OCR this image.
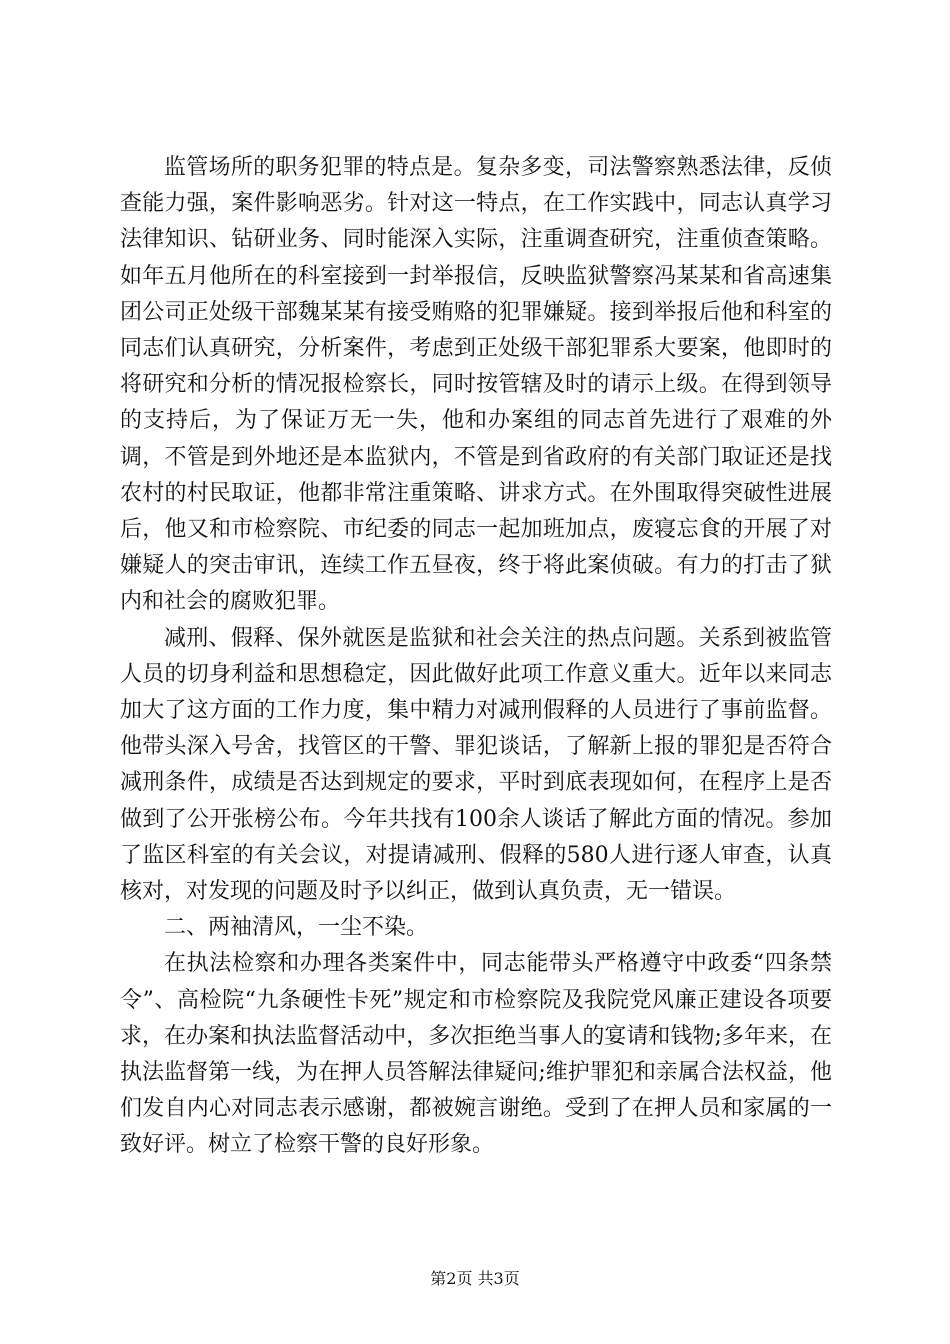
监管场所的职务犯罪的特点是。复杂多变，司法警察熟悉法律，反侦查能力强，案件影响恶劣。针对这一特点，在工作实践中，同志认真学习法律知识、钻研业务、同时能深入实际，注重调查研究，注重侦查策略。如年五月他所在的科室接到一封举报信，反映监狱警察冯某某和省高速集团公司正处级干部魏某某有接受贿赂的犯罪嫌疑。接到举报后他和科室的同志们认真研究，分析案件，考虑到正处级干部犯罪系大要案，他即时的将研究和分析的情况报检察长，同时按管辖及时的请示上级。在得到领导的支持后，为了保证万无一失，他和办案组的同志首先进行了艰难的外调，不管是到外地还是本监狱内，不管是到省政府的有关部门取证还是找农村的村民取证，他都非常注重策略、讲求方式。在外围取得突破性进展后，他又和市检察院、市纪委的同志一起加班加点，废寝忘食的开展了对嫌疑人的突击审讯，连续工作五昼夜，终于将此案侦破。有力的打击了狱内和社会的腐败犯罪。

减刑、假释、保外就医是监狱和社会关注的热点问题。关系到被监管人员的切身利益和思想稳定，因此做好此项工作意义重大。近年以来同志加大了这方面的工作力度，集中精力对减刑假释的人员进行了事前监督。他带头深入号舍，找管区的干警、罪犯谈话，了解新上报的罪犯是否符合减刑条件，成绩是否达到规定的要求，平时到底表现如何，在程序上是否做到了公开张榜公布。今年共找有100余人谈话了解此方面的情况。参加了监区科室的有关会议，对提请减刑、假释的580人进行逐人审查，认真核对，对发现的问题及时予以纠正，做到认真负责，无一错误。

二、两袖清风，一尘不染。

在执法检察和办理各类案件中，同志能带头严格遵守中政委“四条禁令”、高检院“九条硬性卡死”规定和市检察院及我院党风廉正建设各项要求，在办案和执法监督活动中，多次拒绝当事人的宴请和钱物;多年来，在执法监督第一线，为在押人员答解法律疑问;维护罪犯和亲属合法权益，他们发自内心对同志表示感谢，都被婉言谢绝。受到了在押人员和家属的一致好评。树立了检察干警的良好形象。

第2页 共3页
